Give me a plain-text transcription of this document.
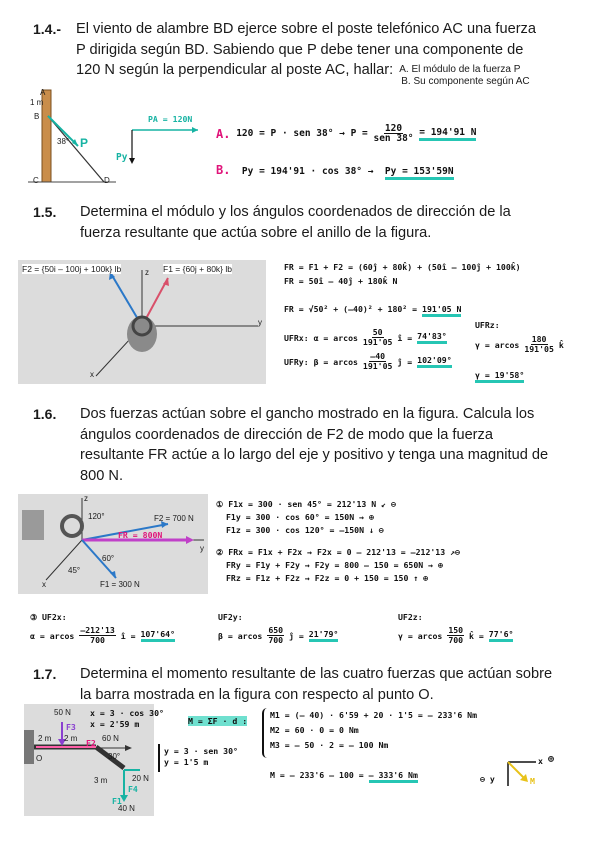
1.4.- El viento de alambre BD ejerce sobre el poste telefónico AC una fuerza
P dirigida según BD. Sabiendo que P debe tener una componente de
120 N según la perpendicular al poste AC, hallar: A. El módulo de la fuerza P
B. Su componente según AC
A
B
C	D
1 m
38° P
PA = 120N
Py
A.
120 = P · sen 38° → P =
$\frac{120}{\text{sen 38°}}$
= 194'91 N
B. Py = 194'91 · cos 38° → Py = 153'59N
1.5. Determina el módulo y los ángulos coordenados de dirección de la
fuerza resultante que actúa sobre el anillo de la figura.
F2 = {50i – 100j + 100k} lb	F1 = {60j + 80k} lb
y
z
x
FR = F1 + F2 = (60ĵ + 80k̂) + (50î – 100ĵ + 100k̂)
FR = 50î – 40ĵ + 180k̂ N
FR = √50² + (–40)² + 180² = 191'05 N
UFRx: α = arcos
$\frac{50}{191'05}$
î =
74'83°
UFRy: β = arcos
$\frac{-40}{191'05}$
ĵ =
102'09°
UFRz:
γ = arcos
$\frac{180}{191'05}$
k̂
γ = 19'58°
1.6. Dos fuerzas actúan sobre el gancho mostrado en la figura. Calcula los
ángulos coordenados de dirección de F2 de modo que la fuerza
resultante FR actúe a lo largo del eje y positivo y tenga una magnitud de
800 N.
F2 = 700 N
FR = 800N
F1 = 300 N
120°
60°
45°
y
z
x
① F1x = 300 · sen 45° = 212'13 N ↙ ⊖
F1y = 300 · cos 60° = 150N → ⊕
F1z = 300 · cos 120° = –150N ↓ ⊖
② FRx = F1x + F2x → F2x = 0 – 212'13 = –212'13 ↗⊖
FRy = F1y + F2y → F2y = 800 – 150 = 650N → ⊕
FRz = F1z + F2z → F2z = 0 + 150 = 150 ↑ ⊕
③ UF2x:
α = arcos
$\frac{-212'13}{700}$
î =
107'64°
UF2y:
β = arcos
$\frac{650}{700}$
ĵ =
21'79°
UF2z:
γ = arcos
$\frac{150}{700}$
k̂ =
77'6°
1.7. Determina el momento resultante de las cuatro fuerzas que actúan sobre
la barra mostrada en la figura con respecto al punto O.
50 N
60 N
20 N
40 N
2 m 2 m
3 m
30°
O
F3
F2
F4
F1
x = 3 · cos 30°
x = 2'59 m
y = 3 · sen 30°
y = 1'5 m
M = ΣF · d :
M1 = (– 40) · 6'59 + 20 · 1'5 = – 233'6 Nm
M2 = 60 · 0 = 0 Nm
M3 = – 50 · 2 = – 100 Nm
M = – 233'6 – 100 = – 333'6 Nm	⊖ y
x ⊕
M
